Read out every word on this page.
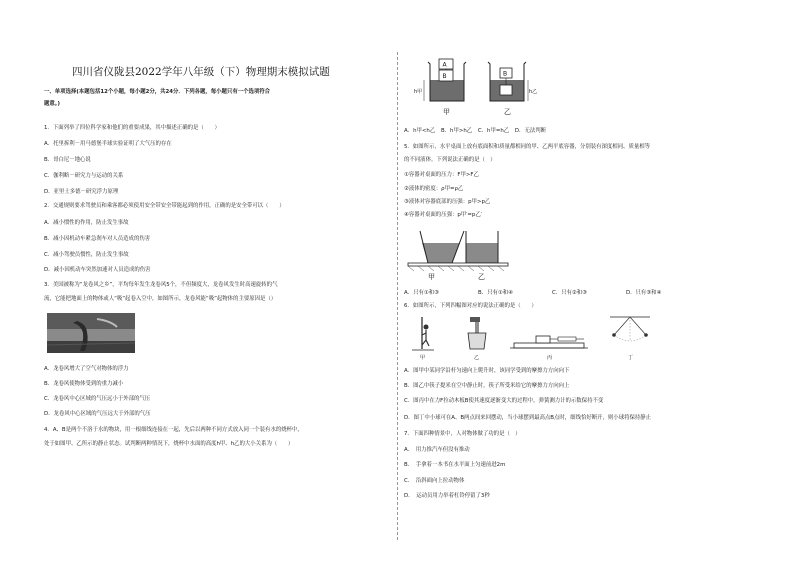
四川省仪陇县2022学年八年级（下）物理期末模拟试题
一、单项选择(本题包括12个小题，每小题2分，共24分．下列各题，每小题只有一个选项符合
题意。)
1．下面列举了四位科学家和他们的重要成果，其中描述正确的是（　　）
A．托里拆利－用马德堡半球实验证明了大气压的存在
B．哥白尼－地心说
C．伽利略－研究力与运动的关系
D．亚里士多德－研究浮力原理
2．交通规则要求驾驶员和乘客都必须使用安全带安全带能起到的作用，正确的是安全带可以（　　）
A．减小惯性的作用，防止发生事故
B．减小因机动车紧急刹车对人员造成的伤害
C．减小驾驶员惯性，防止发生事故
D．减小因机动车突然加速对人员造成的伤害
3．美国被称为“龙卷风之乡”，平均每年发生龙卷风5个，不但频度大，龙卷风发生时高速旋转的气
流，它能把地面上的物体或人“吸”起卷入空中，如图所示，龙卷风能“吸”起物体的主要原因是（）
A．龙卷风增大了空气对物体的浮力
B．龙卷风使物体受到的重力减小
C．龙卷风中心区域的气压远小于外部的气压
D．龙卷风中心区域的气压远大于外部的气压
4．A、B是两个不溶于水的物块，用一根细线连接在一起，先后以两种不同方式放入同一个装有水的烧杯中，
处于如图甲、乙所示的静止状态。试判断两种情况下，烧杯中水面的高度h甲、h乙的大小关系为（　　）
A
B
h甲
甲
B
A	h乙
乙
A．h甲<h乙 B．h甲>h乙 C．h甲=h乙 D．无法判断
5．如图所示，水平桌面上放有底面积和质量都相同的甲、乙两平底容器，分别装有深度相同、质量相等
的不同液体。下列说法正确的是（　）
①容器对桌面的压力：F甲>F乙
②液体的密度：ρ甲=ρ乙
③液体对容器底部的压强：p甲>p乙
④容器对桌面的压强：p甲′=p乙′
甲	乙
A．只有①和③	B．只有①和④	C．只有②和③	D．只有③和④
6．如图所示，下列四幅图对应的说法正确的是（　　）
甲	乙	丙	丁
A．图甲中某同学沿杆匀速向上爬升时，该同学受到的摩擦力方向向下
B．图乙中筷子提米在空中静止时，筷子所受米给它的摩擦力方向向上
C．图丙中在力F拉动木板B使其速度逐渐变大的过程中，弹簧测力计的示数保持不变
D．图丁中小球可在A、B两点间来回摆动，当小球摆到最高点B点时，细线恰好断开，则小球将保持静止
7．下面四种情景中，人对物体做了功的是（　）
A．　用力推汽车但没有推动
B．　手拿着一本书在水平面上匀速前进2m
C．　沿斜面向上拉动物体
D．　运动员用力举着杠铃停留了3秒
